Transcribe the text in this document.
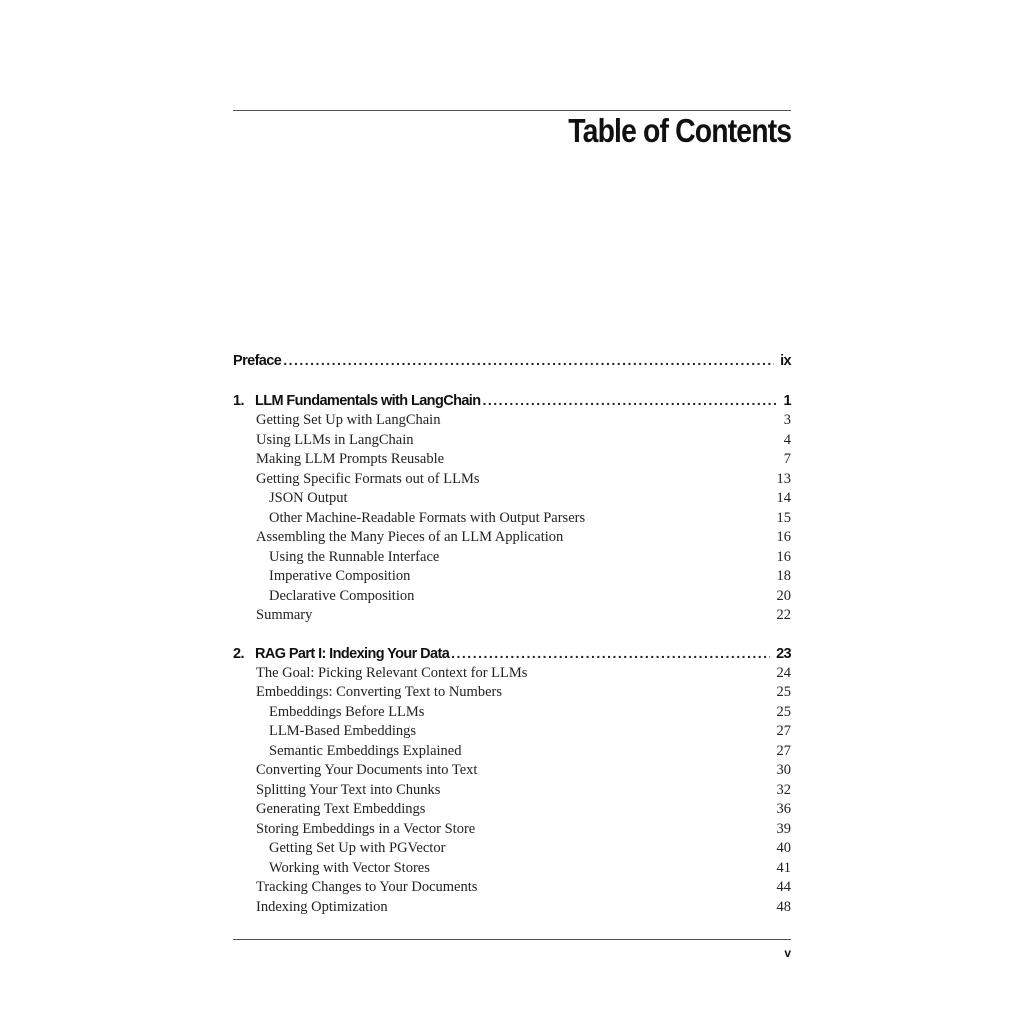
Table of Contents
Preface . . .	ix
1. LLM Fundamentals with LangChain . . .	1
Getting Set Up with LangChain	3
Using LLMs in LangChain	4
Making LLM Prompts Reusable	7
Getting Specific Formats out of LLMs	13
JSON Output	14
Other Machine-Readable Formats with Output Parsers	15
Assembling the Many Pieces of an LLM Application	16
Using the Runnable Interface	16
Imperative Composition	18
Declarative Composition	20
Summary	22
2. RAG Part I: Indexing Your Data . . .	23
The Goal: Picking Relevant Context for LLMs	24
Embeddings: Converting Text to Numbers	25
Embeddings Before LLMs	25
LLM-Based Embeddings	27
Semantic Embeddings Explained	27
Converting Your Documents into Text	30
Splitting Your Text into Chunks	32
Generating Text Embeddings	36
Storing Embeddings in a Vector Store	39
Getting Set Up with PGVector	40
Working with Vector Stores	41
Tracking Changes to Your Documents	44
Indexing Optimization	48
v
